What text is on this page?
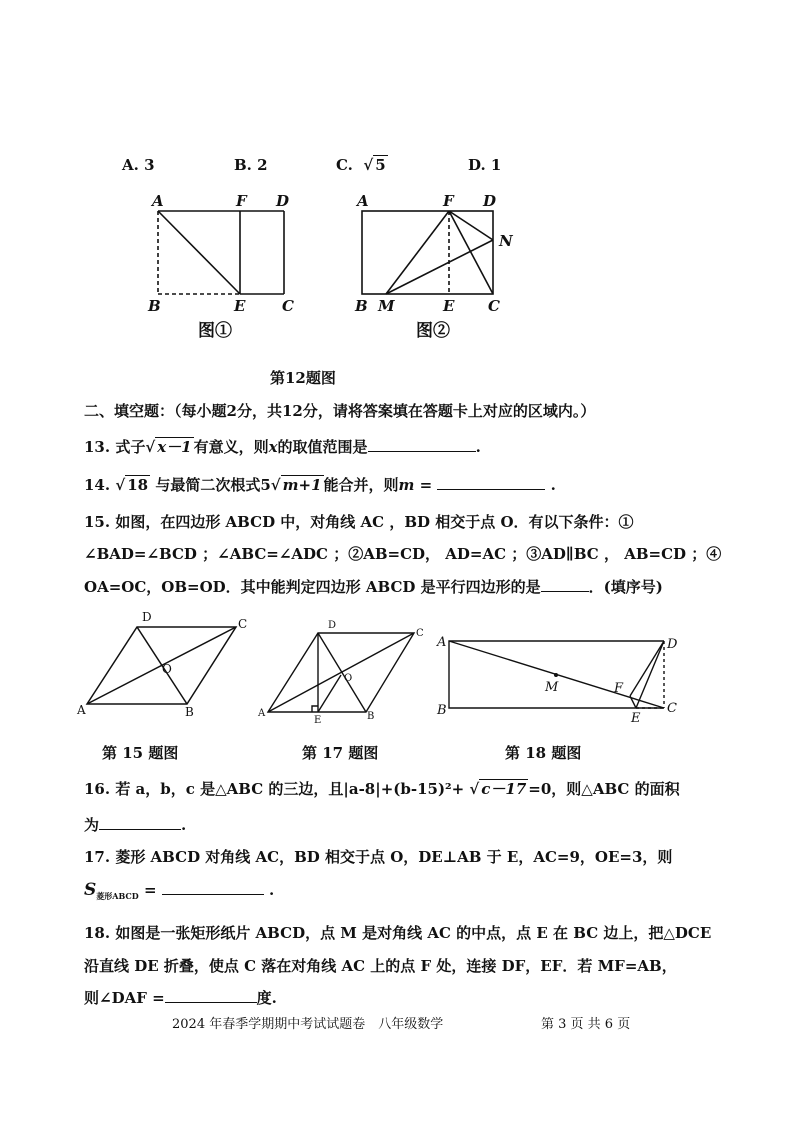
A. 3	B. 2	C.  √ 5	D. 1
A	F D
B	E C
图①
A	F D
N
B M	E C
图②
第12题图
二、填空题：（每小题2分，共12分，请将答案填在答题卡上对应的区域内。）
13. 式子√ x－1 有意义，则x的取值范围是	.
14. √ 18 与最简二次根式5√ m+1 能合并，则m =	.
15. 如图，在四边形 ABCD 中，对角线 AC ，BD 相交于点 O．有以下条件：①
∠BAD=∠BCD ；∠ABC=∠ADC ；②AB=CD， AD=AC ；③AD∥BC ， AB=CD ；④
OA=OC，OB=OD．其中能判定四边形 ABCD 是平行四边形的是	．(填序号)
A	B
C
D
O
A	B
C
D
O
E
A
B	C
D
M	F
E
第 15 题图	第 17 题图	第 18 题图
16. 若 a，b，c 是△ABC 的三边，且|a-8|+(b-15)²+ √ c－17 =0，则△ABC 的面积
为	.
17. 菱形 ABCD 对角线 AC，BD 相交于点 O，DE⊥AB 于 E，AC=9，OE=3，则
$S_{菱形ABCD}$ =	.
18. 如图是一张矩形纸片 ABCD，点 M 是对角线 AC 的中点，点 E 在 BC 边上，把△DCE
沿直线 DE 折叠，使点 C 落在对角线 AC 上的点 F 处，连接 DF，EF．若 MF=AB，
则∠DAF =	度.
2024 年春季学期期中考试试题卷　八年级数学	第 3 页 共 6 页
